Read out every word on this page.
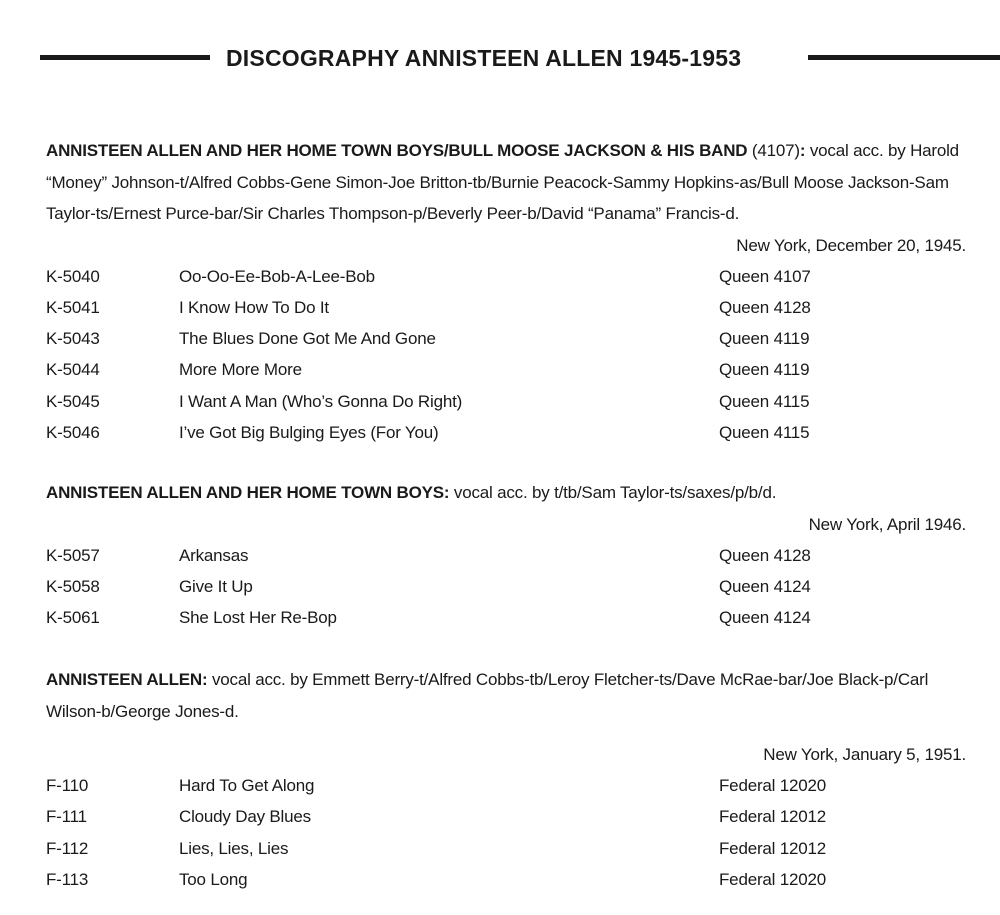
DISCOGRAPHY ANNISTEEN ALLEN 1945-1953

ANNISTEEN ALLEN AND HER HOME TOWN BOYS/BULL MOOSE JACKSON & HIS BAND (4107): vocal acc. by Harold “Money” Johnson-t/Alfred Cobbs-Gene Simon-Joe Britton-tb/Burnie Peacock-Sammy Hopkins-as/Bull Moose Jackson-Sam Taylor-ts/Ernest Purce-bar/Sir Charles Thompson-p/Beverly Peer-b/David “Panama” Francis-d.

New York, December 20, 1945.
K-5040	Oo-Oo-Ee-Bob-A-Lee-Bob	Queen 4107
K-5041	I Know How To Do It	Queen 4128
K-5043	The Blues Done Got Me And Gone	Queen 4119
K-5044	More More More	Queen 4119
K-5045	I Want A Man (Who’s Gonna Do Right)	Queen 4115
K-5046	I’ve Got Big Bulging Eyes (For You)	Queen 4115

ANNISTEEN ALLEN AND HER HOME TOWN BOYS: vocal acc. by t/tb/Sam Taylor-ts/saxes/p/b/d.

New York, April 1946.
K-5057	Arkansas	Queen 4128
K-5058	Give It Up	Queen 4124
K-5061	She Lost Her Re-Bop	Queen 4124

ANNISTEEN ALLEN: vocal acc. by Emmett Berry-t/Alfred Cobbs-tb/Leroy Fletcher-ts/Dave McRae-bar/Joe Black-p/Carl Wilson-b/George Jones-d.

New York, January 5, 1951.
F-110	Hard To Get Along	Federal 12020
F-111	Cloudy Day Blues	Federal 12012
F-112	Lies, Lies, Lies	Federal 12012
F-113	Too Long	Federal 12020
